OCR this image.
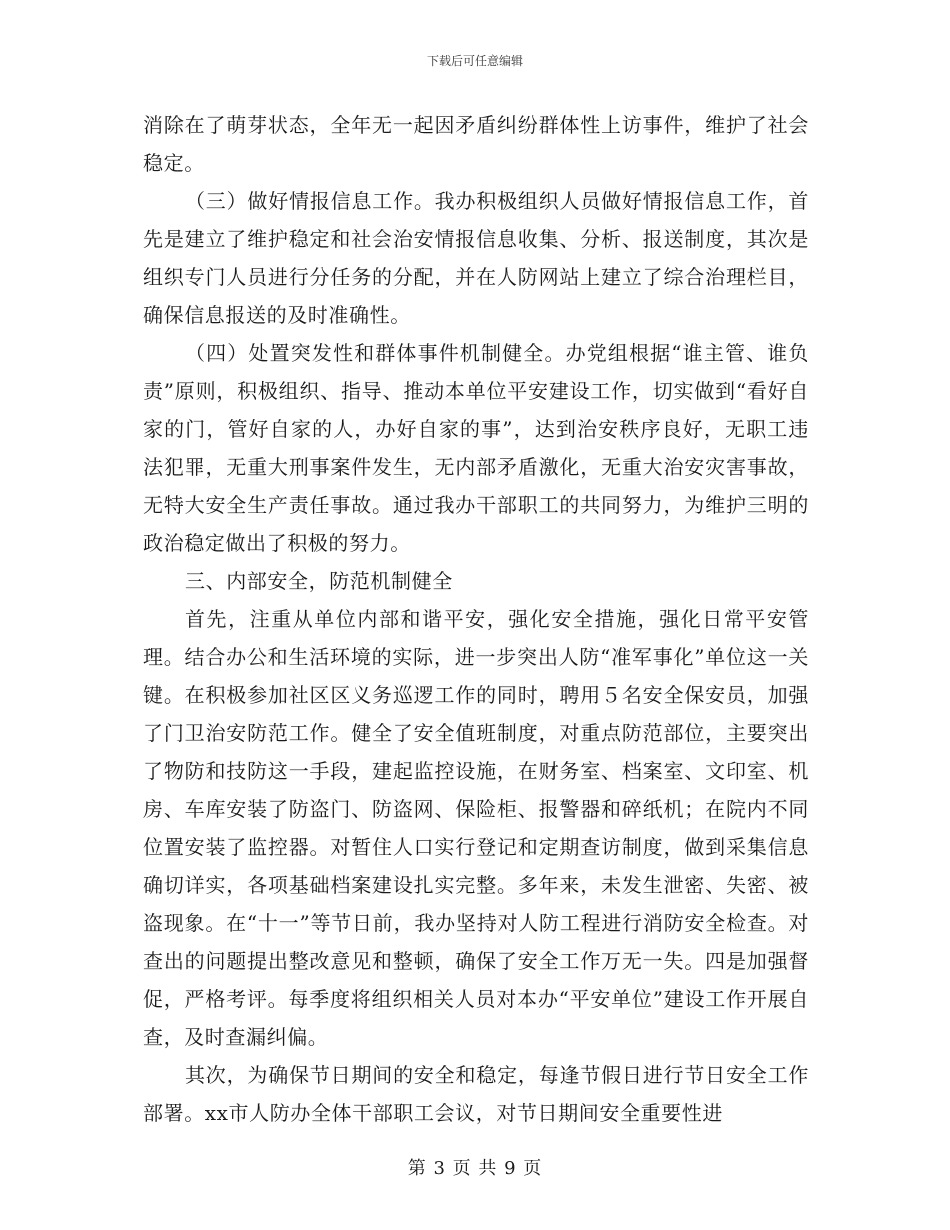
下载后可任意编辑

消除在了萌芽状态，全年无一起因矛盾纠纷群体性上访事件，维护了社会稳定。

（三）做好情报信息工作。我办积极组织人员做好情报信息工作，首先是建立了维护稳定和社会治安情报信息收集、分析、报送制度，其次是组织专门人员进行分任务的分配，并在人防网站上建立了综合治理栏目，确保信息报送的及时准确性。

（四）处置突发性和群体事件机制健全。办党组根据“谁主管、谁负责”原则，积极组织、指导、推动本单位平安建设工作，切实做到“看好自家的门，管好自家的人，办好自家的事”，达到治安秩序良好，无职工违法犯罪，无重大刑事案件发生，无内部矛盾激化，无重大治安灾害事故，无特大安全生产责任事故。通过我办干部职工的共同努力，为维护三明的政治稳定做出了积极的努力。

三、内部安全，防范机制健全

首先，注重从单位内部和谐平安，强化安全措施，强化日常平安管理。结合办公和生活环境的实际，进一步突出人防“准军事化”单位这一关键。在积极参加社区区义务巡逻工作的同时，聘用５名安全保安员，加强了门卫治安防范工作。健全了安全值班制度，对重点防范部位，主要突出了物防和技防这一手段，建起监控设施，在财务室、档案室、文印室、机房、车库安装了防盗门、防盗网、保险柜、报警器和碎纸机；在院内不同位置安装了监控器。对暂住人口实行登记和定期查访制度，做到采集信息确切详实，各项基础档案建设扎实完整。多年来，未发生泄密、失密、被盗现象。在“十一”等节日前，我办坚持对人防工程进行消防安全检查。对查出的问题提出整改意见和整顿，确保了安全工作万无一失。四是加强督促，严格考评。每季度将组织相关人员对本办“平安单位”建设工作开展自查，及时查漏纠偏。

其次，为确保节日期间的安全和稳定，每逢节假日进行节日安全工作部署。xx市人防办全体干部职工会议，对节日期间安全重要性进

第 3 页 共 9 页
